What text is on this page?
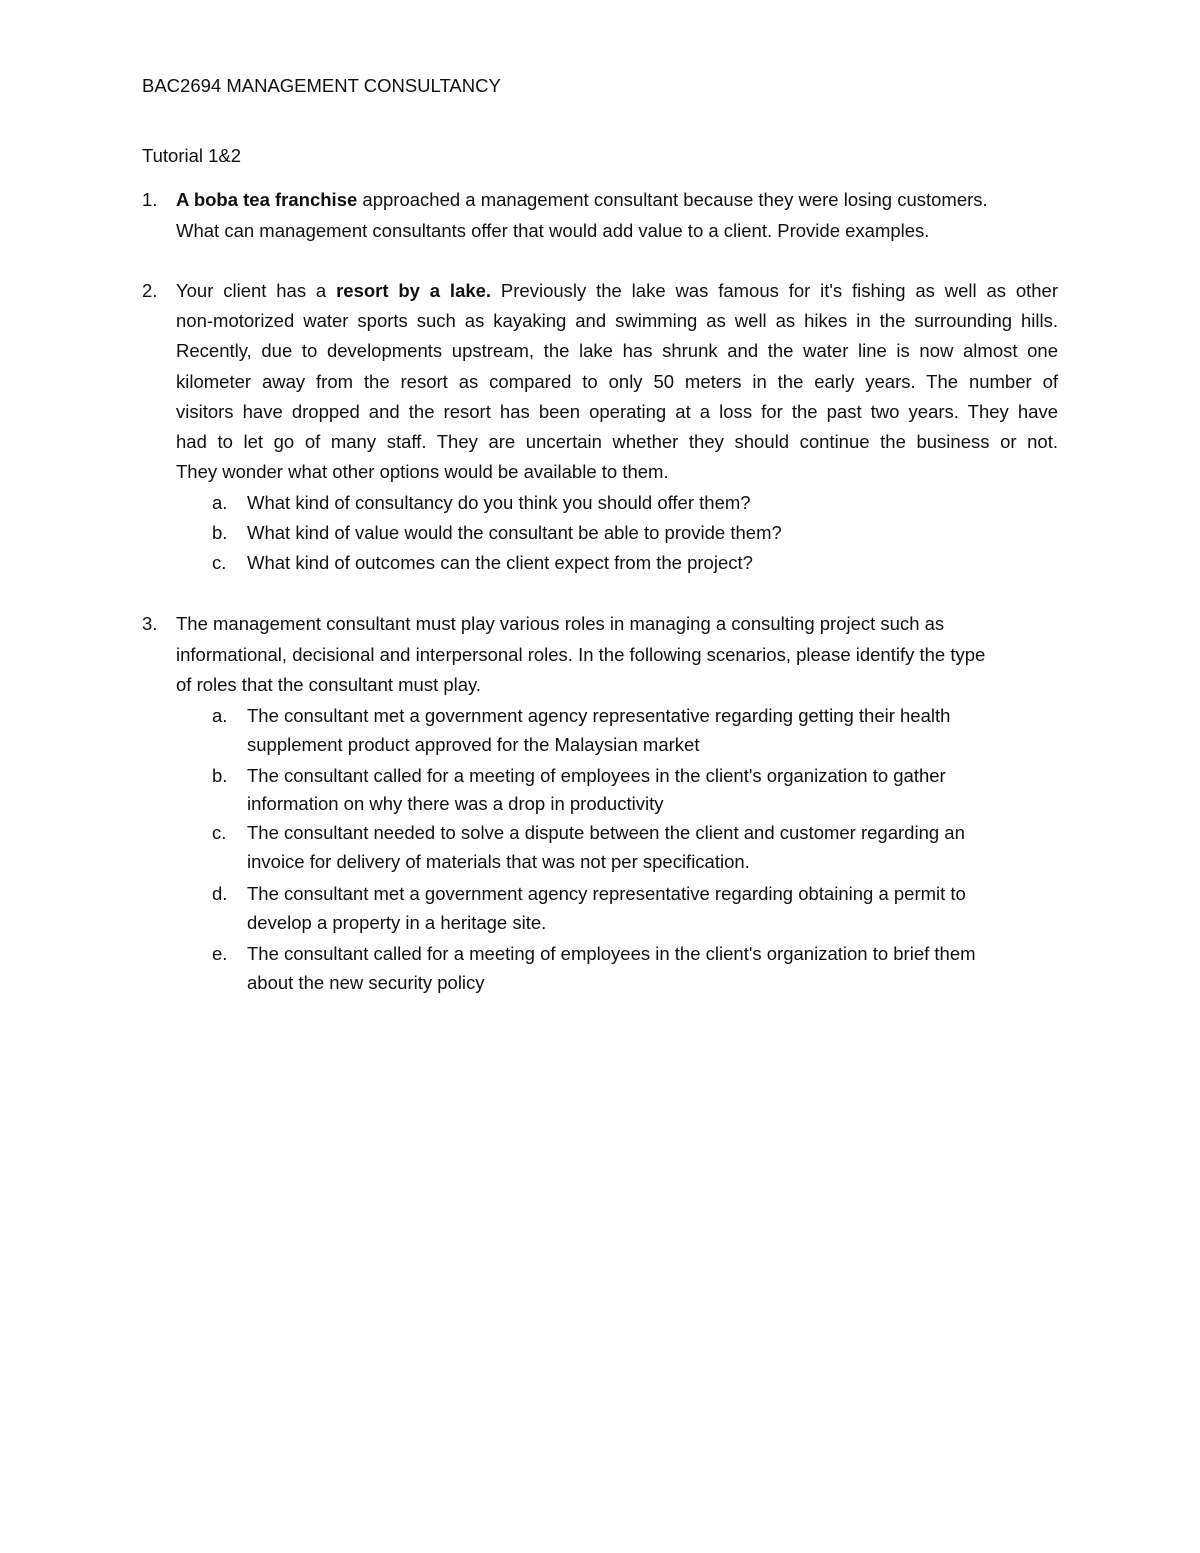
BAC2694 MANAGEMENT CONSULTANCY
Tutorial 1&2
1. A boba tea franchise approached a management consultant because they were losing customers.
What can management consultants offer that would add value to a client. Provide examples.
2. Your client has a resort by a lake. Previously the lake was famous for it's fishing as well as other
non-motorized water sports such as kayaking and swimming as well as hikes in the surrounding hills.
Recently, due to developments upstream, the lake has shrunk and the water line is now almost one
kilometer away from the resort as compared to only 50 meters in the early years. The number of
visitors have dropped and the resort has been operating at a loss for the past two years. They have
had to let go of many staff. They are uncertain whether they should continue the business or not.
They wonder what other options would be available to them.
a. What kind of consultancy do you think you should offer them?
b. What kind of value would the consultant be able to provide them?
c. What kind of outcomes can the client expect from the project?
3. The management consultant must play various roles in managing a consulting project such as
informational, decisional and interpersonal roles. In the following scenarios, please identify the type
of roles that the consultant must play.
a. The consultant met a government agency representative regarding getting their health
supplement product approved for the Malaysian market
b. The consultant called for a meeting of employees in the client's organization to gather
information on why there was a drop in productivity
c. The consultant needed to solve a dispute between the client and customer regarding an
invoice for delivery of materials that was not per specification.
d. The consultant met a government agency representative regarding obtaining a permit to
develop a property in a heritage site.
e. The consultant called for a meeting of employees in the client's organization to brief them
about the new security policy
